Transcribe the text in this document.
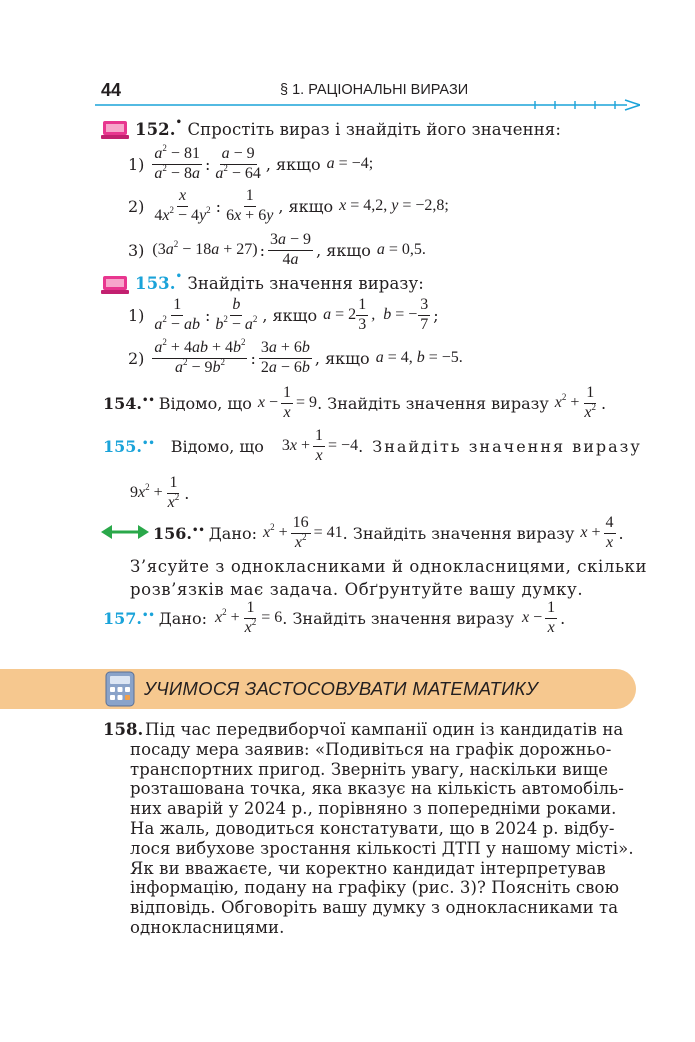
44	§ 1. РАЦІОНАЛЬНІ ВИРАЗИ
152.• Спростіть вираз і знайдіть його значення:
$1) \frac{a^2 - 81}{a^2 - 8a}$ : $\frac{a - 9}{a^2 - 64}$ , якщо a = −4;
$2) \frac{x}{4x^2 - 4y^2}$ : $\frac{1}{6x + 6y}$ , якщо x = 4,2, y = −2,8;
3) $(3a^2 - 18a + 27)$ : $\frac{3a - 9}{4a}$ , якщо a = 0,5.
153.• Знайдіть значення виразу:
$1) \frac{1}{a^2 - ab}$ : $\frac{b}{b^2 - a^2}$ , якщо $a = 2 \frac{1}{3}$ ,  b = − $\frac{3}{7}$ ;
$2) \frac{a^2 + 4ab + 4b^2}{a^2 - 9b^2}$ : $\frac{3a + 6b}{2a - 6b}$ , якщо a = 4, b = −5.
154. •• Відомо, що $x - \frac{1}{x} = 9$ . Знайдіть значення виразу $x^2 + \frac{1}{x^2}$ .
155. •• Відомо, що $3x + \frac{1}{x} = -4$ . Знайдіть значення виразу
$9x^2 + \frac{1}{x^2}$ .
156. •• Дано: $x^2 + \frac{16}{x^2} = 41$ . Знайдіть значення виразу $x + \frac{4}{x}$ .
З’ясуйте з однокласниками й однокласницями, скільки
розв’язків має задача. Обґрунтуйте вашу думку.
157. •• Дано: $x^2 + \frac{1}{x^2} = 6$ . Знайдіть значення виразу $x - \frac{1}{x}$ .
УЧИМОСЯ ЗАСТОСОВУВАТИ МАТЕМАТИКУ
158. Під час передвиборчої кампанії один із кандидатів на
посаду мера заявив: «Подивіться на графік дорожньо-
транспортних пригод. Зверніть увагу, наскільки вище
розташована точка, яка вказує на кількість автомобіль-
них аварій у 2024 р., порівняно з попередніми роками.
На жаль, доводиться констатувати, що в 2024 р. відбу-
лося вибухове зростання кількості ДТП у нашому місті».
Як ви вважаєте, чи коректно кандидат інтерпретував
інформацію, подану на графіку (рис. 3)? Поясніть свою
відповідь. Обговоріть вашу думку з однокласниками та
однокласницями.
